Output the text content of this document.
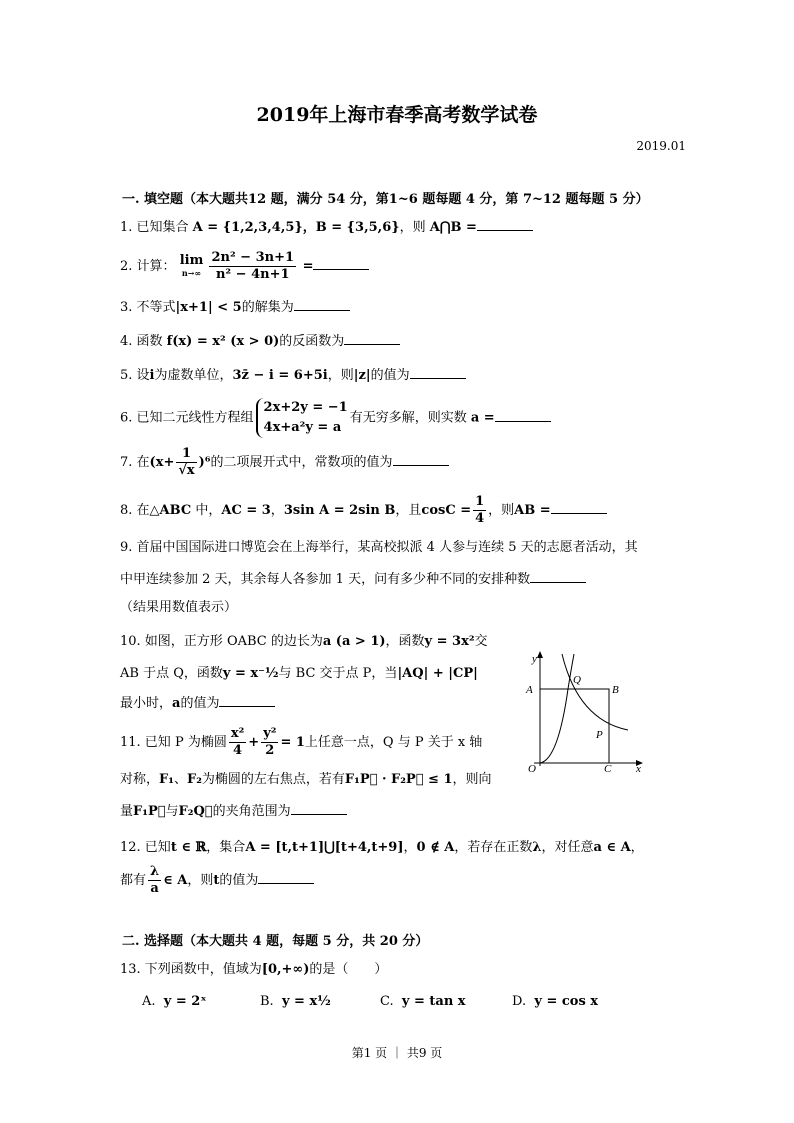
2019年上海市春季高考数学试卷
2019.01
一. 填空题（本大题共12 题，满分 54 分，第1~6 题每题 4 分，第 7~12 题每题 5 分）
1. 已知集合 A = {1,2,3,4,5}，B = {3,5,6}，则 A⋂B =
2. 计算： lim
n→∞
$\frac{\text{2n² − 3n+1}}{\text{n² − 4n+1}}$ =
3. 不等式|x+1| < 5的解集为
4. 函数 f(x) = x² (x > 0)的反函数为
5. 设i为虚数单位，3z̄ − i = 6+5i，则|z|的值为
6. 已知二元线性方程组
2x+2y = −1
4x+a²y = a
有无穷多解，则实数 a =
7. 在$(x+ \frac{1}{√x} )^6$的二项展开式中，常数项的值为
8. 在△ABC 中，AC = 3，3sin A = 2sin B，且$\cos C = \frac{1}{4}$ ，则AB =
9. 首届中国国际进口博览会在上海举行，某高校拟派 4 人参与连续 5 天的志愿者活动，其
中甲连续参加 2 天，其余每人各参加 1 天，问有多少种不同的安排种数
（结果用数值表示）
10. 如图，正方形 OABC 的边长为a (a > 1)，函数y = 3x²交
AB 于点 Q，函数y = x⁻½与 BC 交于点 P，当|AQ| + |CP|
最小时，a的值为
y
A
Q
B
P
O	C x
11. 已知 P 为椭圆 $\frac{\text{x²}}{4} + \frac{\text{y²}}{2} = 1$上任意一点，Q 与 P 关于 x 轴
对称，F₁、F₂为椭圆的左右焦点，若有F₁P⃗ · F₂P⃗ ≤ 1，则向
量F₁P⃗与F₂Q⃗的夹角范围为
12. 已知t ∈ ℝ，集合A = [t,t+1]⋃[t+4,t+9]，0 ∉ A，若存在正数λ，对任意a ∈ A，
都有 $\frac{\lambda}{a}$ ∈ A，则t的值为
二. 选择题（本大题共 4 题，每题 5 分，共 20 分）
13. 下列函数中，值域为[0,+∞)的是（　　）
A. y = 2ˣ	B. y = x½	C. y = tan x	D. y = cos x
第1 页 ｜ 共9 页
